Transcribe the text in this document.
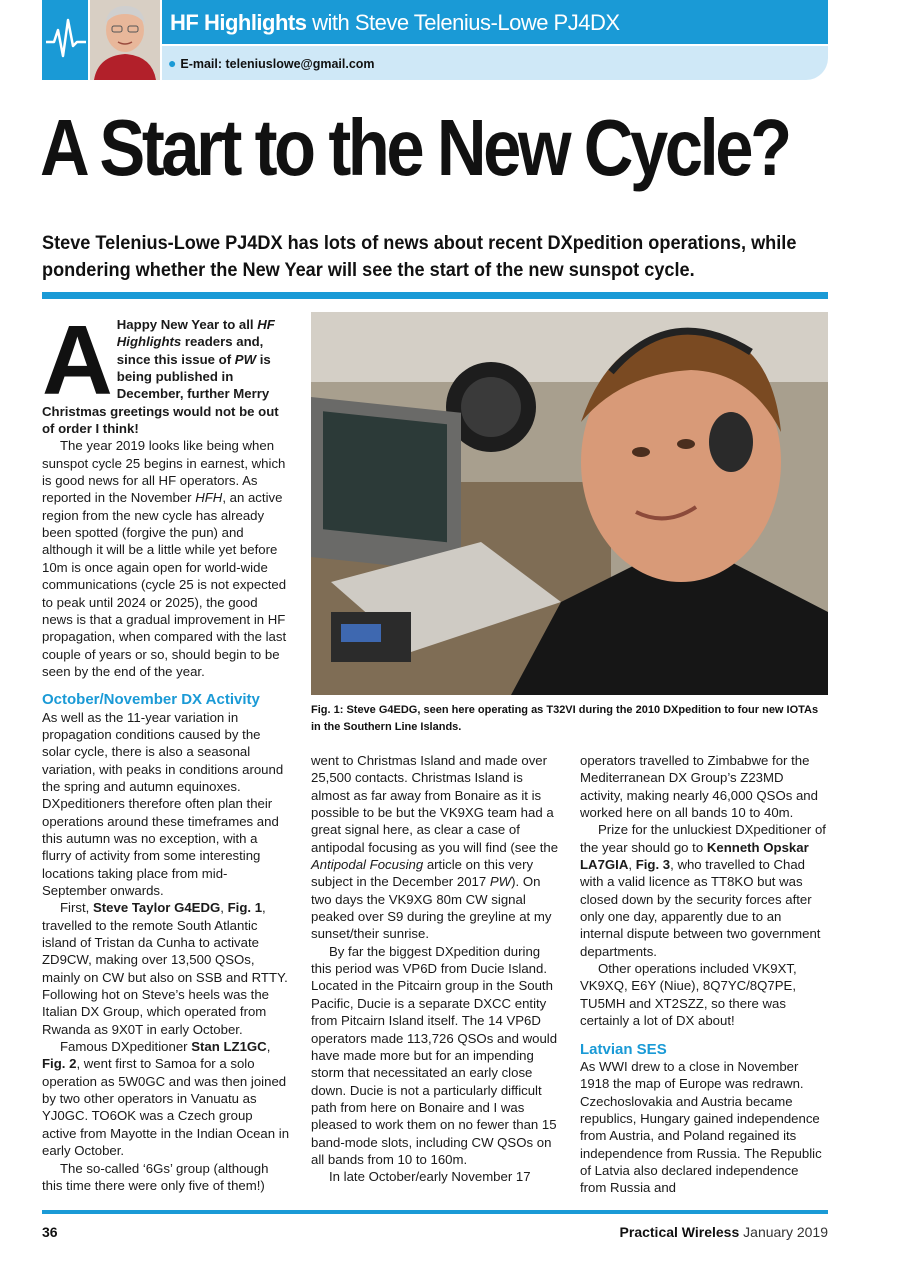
HF Highlights with Steve Telenius-Lowe PJ4DX
● E-mail: teleniuslowe@gmail.com
A Start to the New Cycle?
Steve Telenius-Lowe PJ4DX has lots of news about recent DXpedition operations, while pondering whether the New Year will see the start of the new sunspot cycle.
Fig. 1: Steve G4EDG, seen here operating as T32VI during the 2010 DXpedition to four new IOTAs in the Southern Line Islands.

A Happy New Year to all HF Highlights readers and, since this issue of PW is being published in December, further Merry Christmas greetings would not be out of order I think!

The year 2019 looks like being when sunspot cycle 25 begins in earnest, which is good news for all HF operators. As reported in the November HFH, an active region from the new cycle has already been spotted (forgive the pun) and although it will be a little while yet before 10m is once again open for world-wide communications (cycle 25 is not expected to peak until 2024 or 2025), the good news is that a gradual improvement in HF propagation, when compared with the last couple of years or so, should begin to be seen by the end of the year.

October/November DX Activity

As well as the 11-year variation in propagation conditions caused by the solar cycle, there is also a seasonal variation, with peaks in conditions around the spring and autumn equinoxes. DXpeditioners therefore often plan their operations around these timeframes and this autumn was no exception, with a flurry of activity from some interesting locations taking place from mid-September onwards.

First, Steve Taylor G4EDG, Fig. 1, travelled to the remote South Atlantic island of Tristan da Cunha to activate ZD9CW, making over 13,500 QSOs, mainly on CW but also on SSB and RTTY. Following hot on Steve’s heels was the Italian DX Group, which operated from Rwanda as 9X0T in early October.

Famous DXpeditioner Stan LZ1GC, Fig. 2, went first to Samoa for a solo operation as 5W0GC and was then joined by two other operators in Vanuatu as YJ0GC. TO6OK was a Czech group active from Mayotte in the Indian Ocean in early October.

The so-called ‘6Gs’ group (although this time there were only five of them!)

went to Christmas Island and made over 25,500 contacts. Christmas Island is almost as far away from Bonaire as it is possible to be but the VK9XG team had a great signal here, as clear a case of antipodal focusing as you will find (see the Antipodal Focusing article on this very subject in the December 2017 PW). On two days the VK9XG 80m CW signal peaked over S9 during the greyline at my sunset/their sunrise.

By far the biggest DXpedition during this period was VP6D from Ducie Island. Located in the Pitcairn group in the South Pacific, Ducie is a separate DXCC entity from Pitcairn Island itself. The 14 VP6D operators made 113,726 QSOs and would have made more but for an impending storm that necessitated an early close down. Ducie is not a particularly difficult path from here on Bonaire and I was pleased to work them on no fewer than 15 band-mode slots, including CW QSOs on all bands from 10 to 160m.

In late October/early November 17

operators travelled to Zimbabwe for the Mediterranean DX Group’s Z23MD activity, making nearly 46,000 QSOs and worked here on all bands 10 to 40m.

Prize for the unluckiest DXpeditioner of the year should go to Kenneth Opskar LA7GIA, Fig. 3, who travelled to Chad with a valid licence as TT8KO but was closed down by the security forces after only one day, apparently due to an internal dispute between two government departments.

Other operations included VK9XT, VK9XQ, E6Y (Niue), 8Q7YC/8Q7PE, TU5MH and XT2SZZ, so there was certainly a lot of DX about!

Latvian SES

As WWI drew to a close in November 1918 the map of Europe was redrawn. Czechoslovakia and Austria became republics, Hungary gained independence from Austria, and Poland regained its independence from Russia. The Republic of Latvia also declared independence from Russia and

36	Practical Wireless January 2019
